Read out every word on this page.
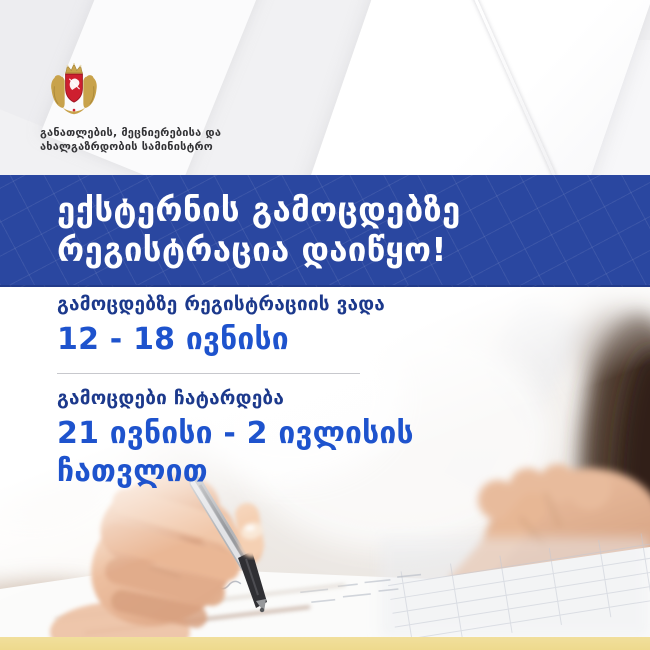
განათლების, მეცნიერებისა და
ახალგაზრდობის სამინისტრო
ექსტერნის გამოცდებზე
რეგისტრაცია დაიწყო!
გამოცდებზე რეგისტრაციის ვადა
12 - 18 ივნისი
გამოცდები ჩატარდება
21 ივნისი - 2 ივლისის
ჩათვლით
